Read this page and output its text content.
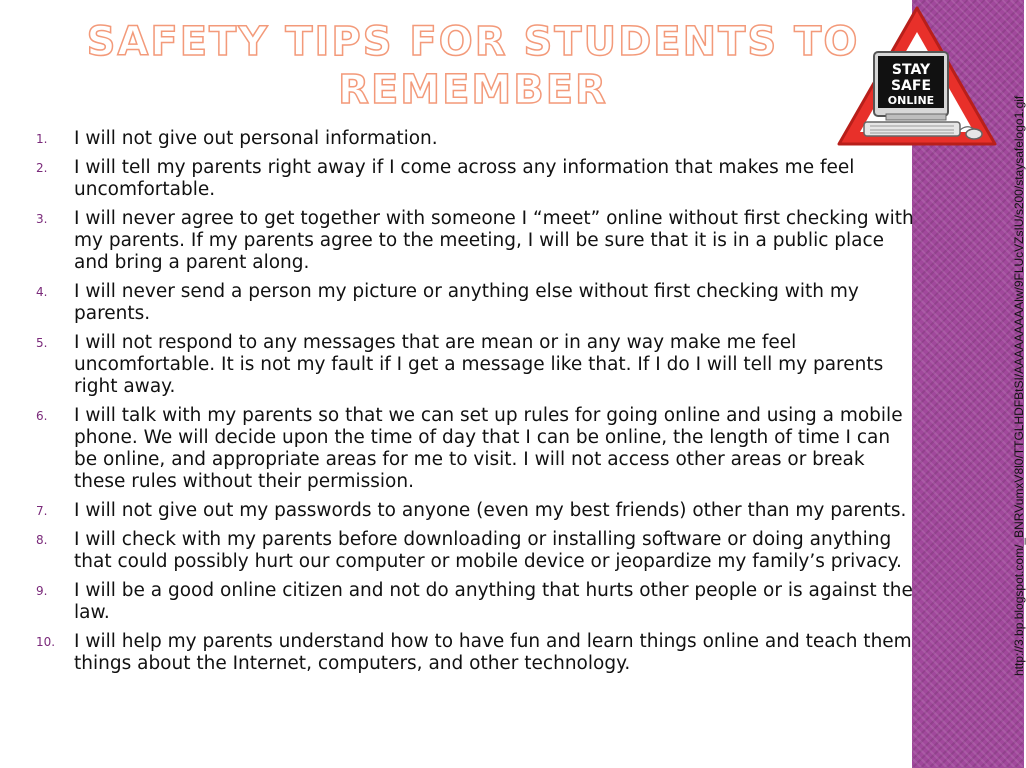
SAFETY TIPS FOR STUDENTS TO REMEMBER
1. I will not give out personal information.
2. I will tell my parents right away if I come across any information that makes me feel uncomfortable.
3. I will never agree to get together with someone I “meet” online without first checking with my parents. If my parents agree to the meeting, I will be sure that it is in a public place and bring a parent along.
4. I will never send a person my picture or anything else without first checking with my parents.
5. I will not respond to any messages that are mean or in any way make me feel uncomfortable. It is not my fault if I get a message like that. If I do I will tell my parents right away.
6. I will talk with my parents so that we can set up rules for going online and using a mobile phone. We will decide upon the time of day that I can be online, the length of time I can be online, and appropriate areas for me to visit. I will not access other areas or break these rules without their permission.
7. I will not give out my passwords to anyone (even my best friends) other than my parents.
8. I will check with my parents before downloading or installing software or doing anything that could possibly hurt our computer or mobile device or jeopardize my family’s privacy.
9. I will be a good online citizen and not do anything that hurts other people or is against the law.
10. I will help my parents understand how to have fun and learn things online and teach them things about the Internet, computers, and other technology.
STAY
SAFE
ONLINE	http://3.bp.blogspot.com/_BNRVumxV8l0/TTGLHDFBtSI/AAAAAAAAAlw/9FLUcVZsIU/s200/staysafelogo1.gif
